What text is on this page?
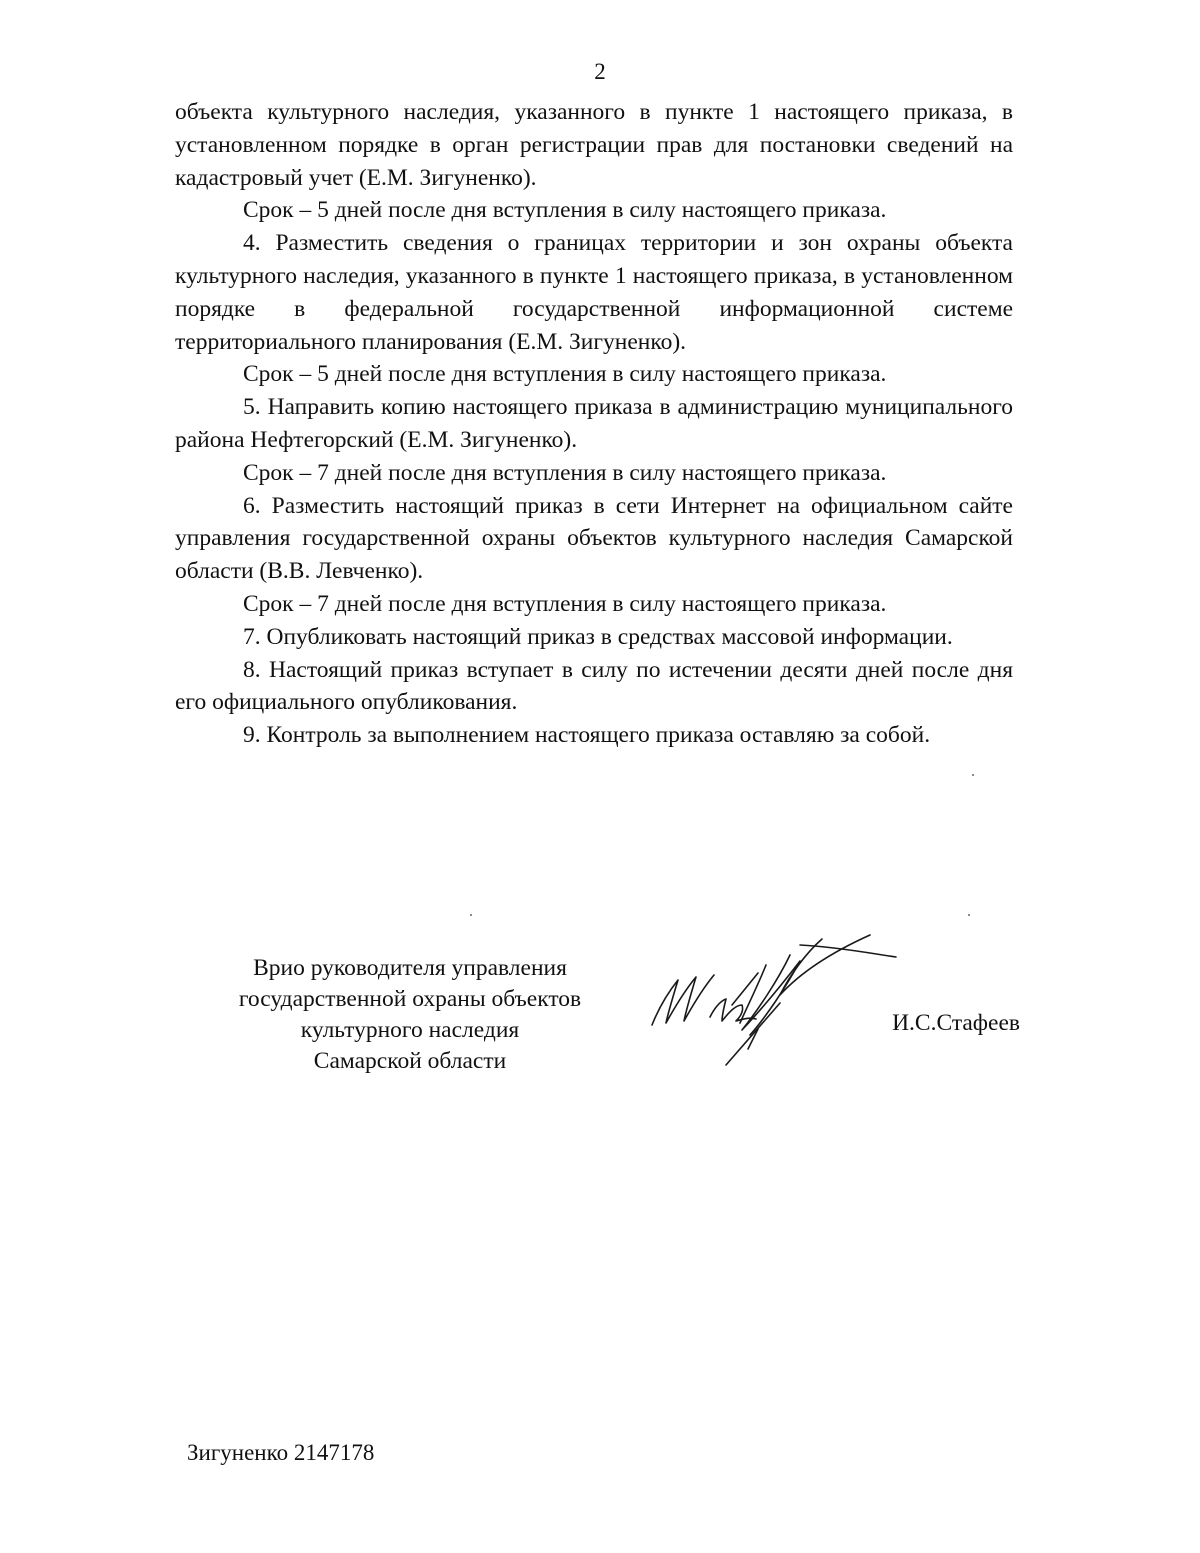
2

объекта культурного наследия, указанного в пункте 1 настоящего приказа, в установленном порядке в орган регистрации прав для постановки сведений на кадастровый учет (Е.М. Зигуненко).

Срок – 5 дней после дня вступления в силу настоящего приказа.

4. Разместить сведения о границах территории и зон охраны объекта культурного наследия, указанного в пункте 1 настоящего приказа, в установленном порядке в федеральной государственной информационной системе территориального планирования (Е.М. Зигуненко).

Срок – 5 дней после дня вступления в силу настоящего приказа.

5. Направить копию настоящего приказа в администрацию муниципального района Нефтегорский (Е.М. Зигуненко).

Срок – 7 дней после дня вступления в силу настоящего приказа.

6. Разместить настоящий приказ в сети Интернет на официальном сайте управления государственной охраны объектов культурного наследия Самарской области (В.В. Левченко).

Срок – 7 дней после дня вступления в силу настоящего приказа.

7. Опубликовать настоящий приказ в средствах массовой информации.

8. Настоящий приказ вступает в силу по истечении десяти дней после дня его официального опубликования.

9. Контроль за выполнением настоящего приказа оставляю за собой.

Врио руководителя управления
государственной охраны объектов
культурного наследия
Самарской области
И.С.Стафеев
Зигуненко 2147178
